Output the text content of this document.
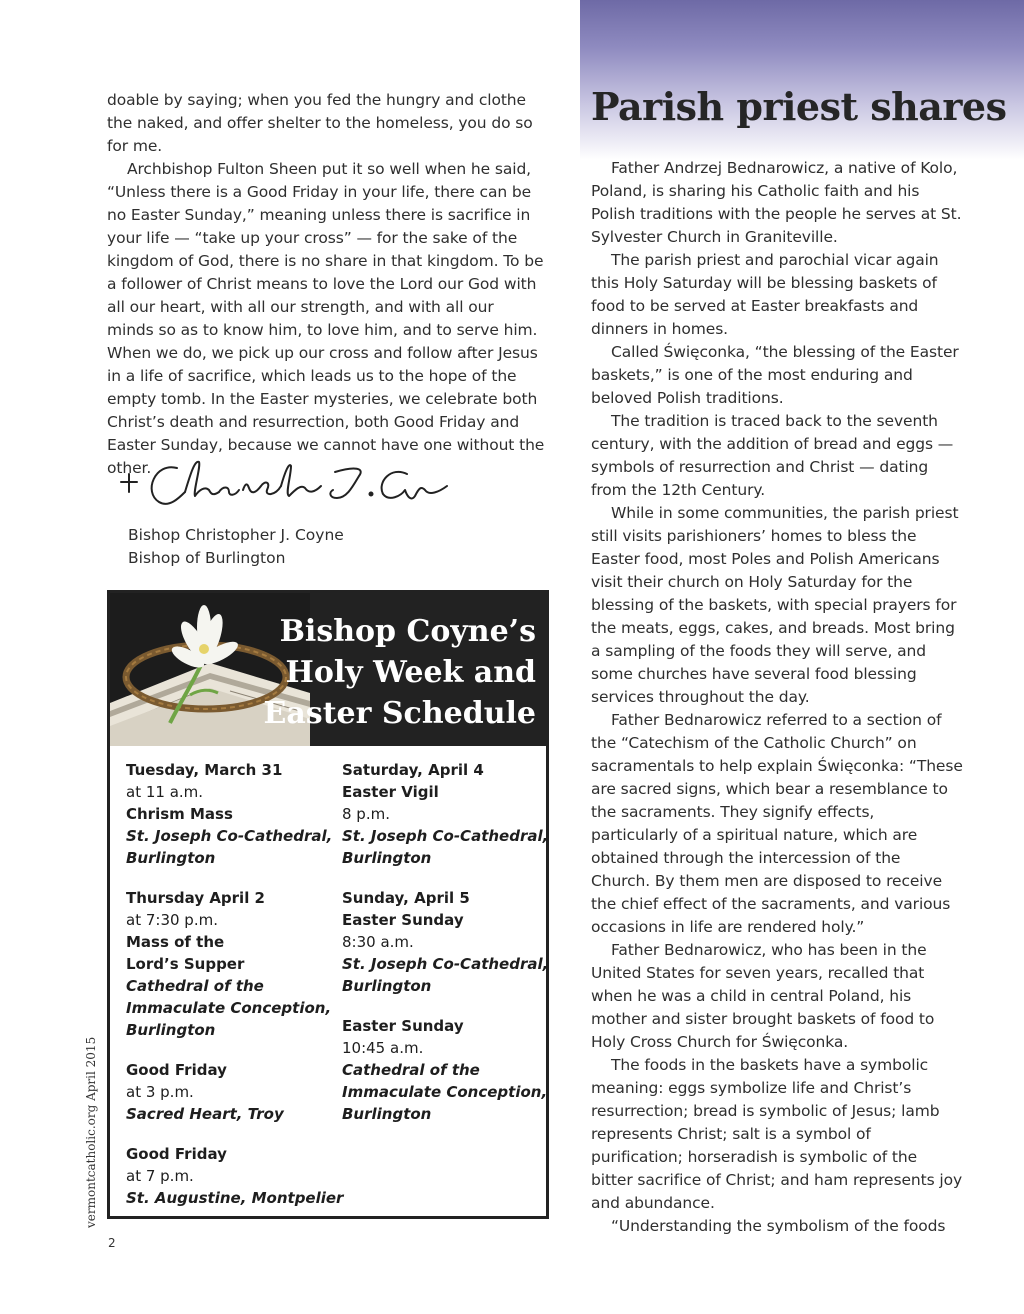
Parish priest shares

doable by saying; when you fed the hungry and clothe the naked, and offer shelter to the homeless, you do so for me.

Archbishop Fulton Sheen put it so well when he said, “Unless there is a Good Friday in your life, there can be no Easter Sunday,” meaning unless there is sacrifice in your life — “take up your cross” — for the sake of the kingdom of God, there is no share in that kingdom. To be a follower of Christ means to love the Lord our God with all our heart, with all our strength, and with all our minds so as to know him, to love him, and to serve him. When we do, we pick up our cross and follow after Jesus in a life of sacrifice, which leads us to the hope of the empty tomb. In the Easter mysteries, we celebrate both Christ’s death and resurrection, both Good Friday and Easter Sunday, because we cannot have one without the other.

Bishop Christopher J. Coyne
Bishop of Burlington
Bishop Coyne’s
Holy Week and
Easter Schedule
Tuesday, March 31
at 11 a.m.
Chrism Mass
St. Joseph Co-Cathedral,
Burlington
Thursday April 2
at 7:30 p.m.
Mass of the
Lord’s Supper
Cathedral of the
Immaculate Conception,
Burlington
Good Friday
at 3 p.m.
Sacred Heart, Troy
Good Friday
at 7 p.m.
St. Augustine, Montpelier
Saturday, April 4
Easter Vigil
8 p.m.
St. Joseph Co-Cathedral,
Burlington
Sunday, April 5
Easter Sunday
8:30 a.m.
St. Joseph Co-Cathedral,
Burlington
Easter Sunday
10:45 a.m.
Cathedral of the
Immaculate Conception,
Burlington

Father Andrzej Bednarowicz, a native of Kolo, Poland, is sharing his Catholic faith and his Polish traditions with the people he serves at St. Sylvester Church in Graniteville.

The parish priest and parochial vicar again this Holy Saturday will be blessing baskets of food to be served at Easter breakfasts and dinners in homes.

Called Święconka, “the blessing of the Easter baskets,” is one of the most enduring and beloved Polish traditions.

The tradition is traced back to the seventh century, with the addition of bread and eggs — symbols of resurrection and Christ — dating from the 12th Century.

While in some communities, the parish priest still visits parishioners’ homes to bless the Easter food, most Poles and Polish Americans visit their church on Holy Saturday for the blessing of the baskets, with special prayers for the meats, eggs, cakes, and breads. Most bring a sampling of the foods they will serve, and some churches have several food blessing services throughout the day.

Father Bednarowicz referred to a section of the “Catechism of the Catholic Church” on sacramentals to help explain Święconka: “These are sacred signs, which bear a resemblance to the sacraments. They signify effects, particularly of a spiritual nature, which are obtained through the intercession of the Church. By them men are disposed to receive the chief effect of the sacraments, and various occasions in life are rendered holy.”

Father Bednarowicz, who has been in the United States for seven years, recalled that when he was a child in central Poland, his mother and sister brought baskets of food to Holy Cross Church for Święconka.

The foods in the baskets have a symbolic meaning: eggs symbolize life and Christ’s resurrection; bread is symbolic of Jesus; lamb represents Christ; salt is a symbol of purification; horseradish is symbolic of the bitter sacrifice of Christ; and ham represents joy and abundance.

“Understanding the symbolism of the foods

vermontcatholic.org April 2015
2
